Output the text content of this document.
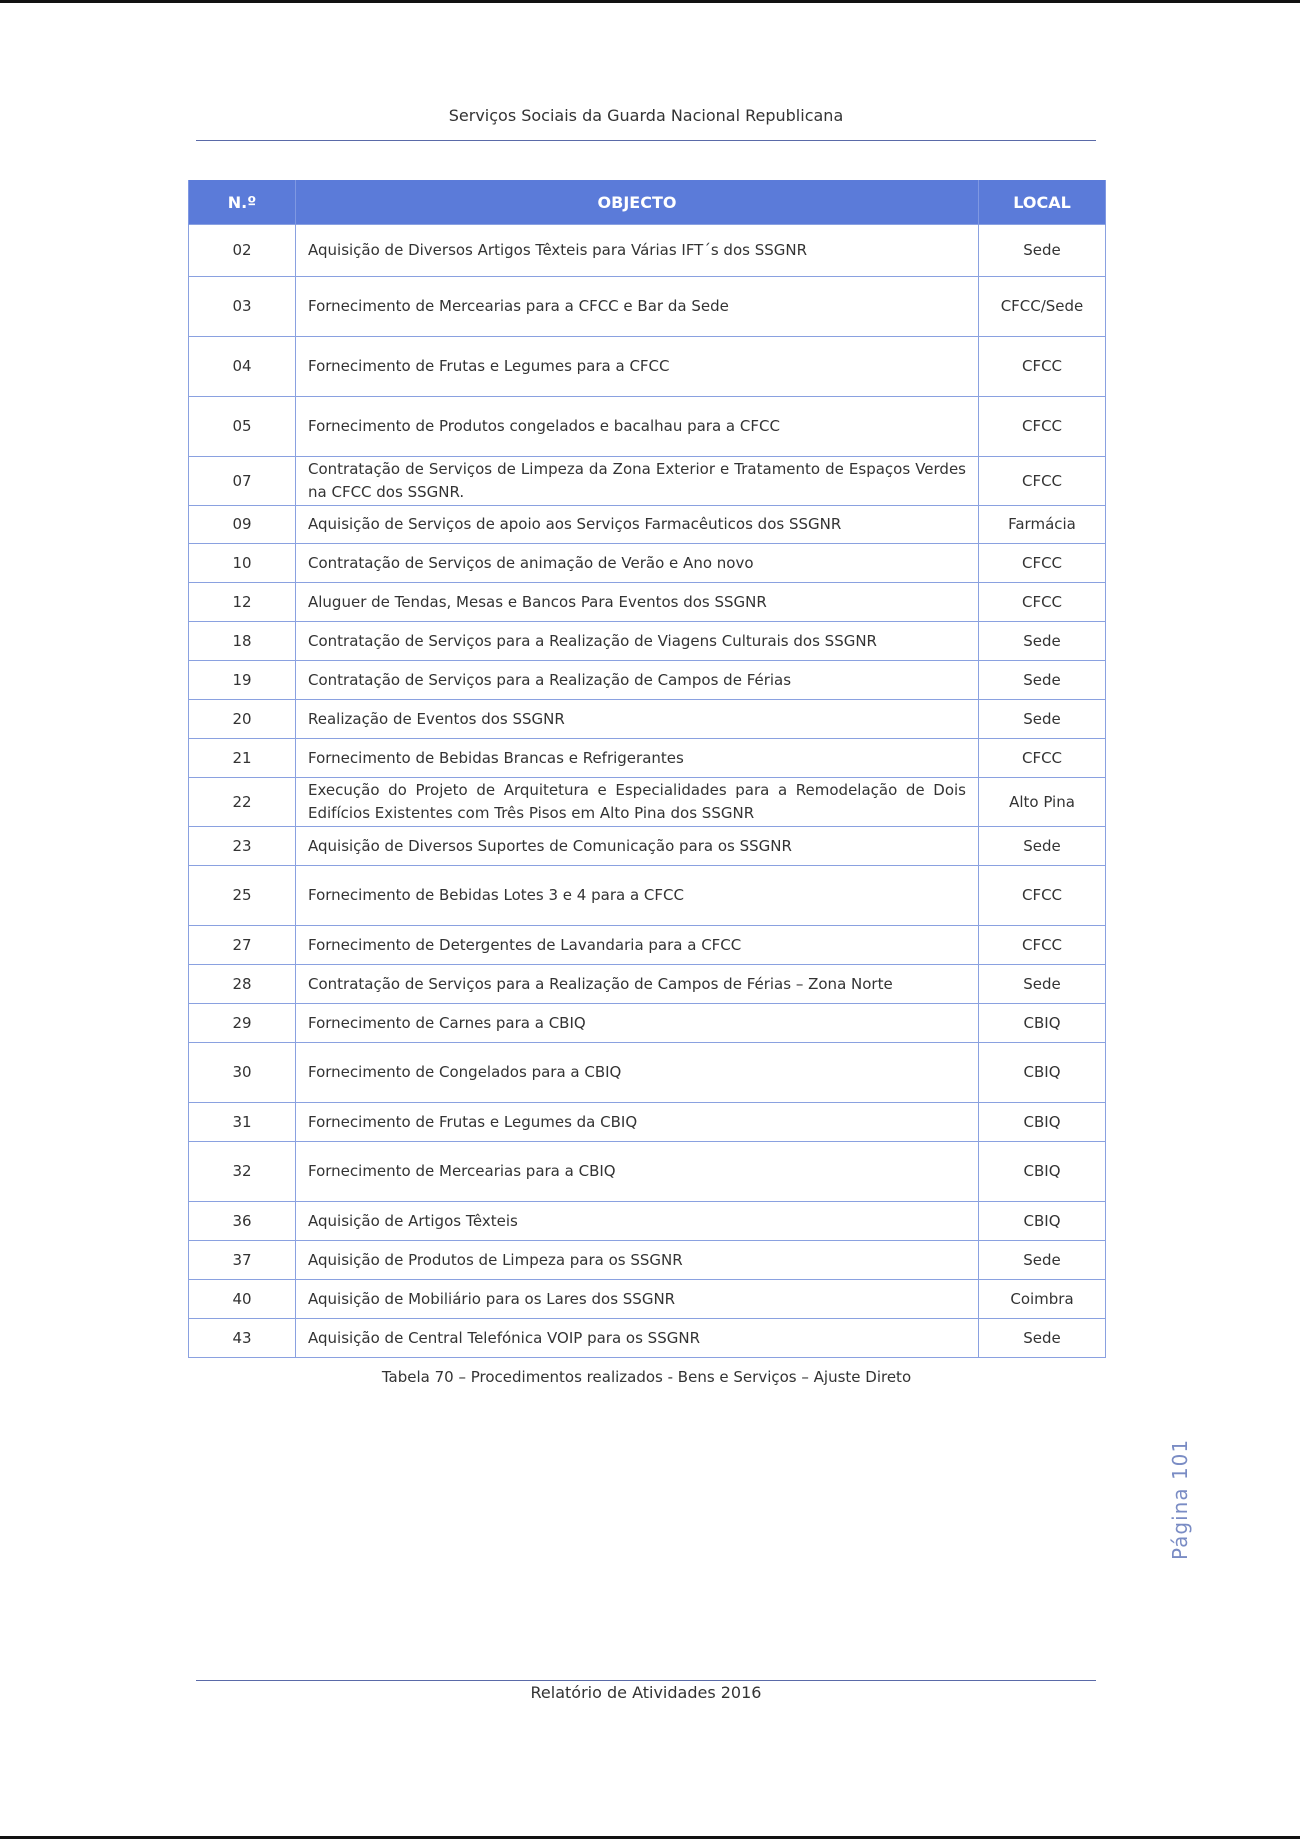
Serviços Sociais da Guarda Nacional Republicana
N.º	OBJECTO	LOCAL
02	Aquisição de Diversos Artigos Têxteis para Várias IFT´s dos SSGNR	Sede
03	Fornecimento de Mercearias para a CFCC e Bar da Sede	CFCC/Sede
04	Fornecimento de Frutas e Legumes para a CFCC	CFCC
05	Fornecimento de Produtos congelados e bacalhau para a CFCC	CFCC
07	Contratação de Serviços de Limpeza da Zona Exterior e Tratamento de Espaços Verdes na CFCC dos SSGNR.	CFCC
09	Aquisição de Serviços de apoio aos Serviços Farmacêuticos dos SSGNR	Farmácia
10	Contratação de Serviços de animação de Verão e Ano novo	CFCC
12	Aluguer de Tendas, Mesas e Bancos Para Eventos dos SSGNR	CFCC
18	Contratação de Serviços para a Realização de Viagens Culturais dos SSGNR	Sede
19	Contratação de Serviços para a Realização de Campos de Férias	Sede
20	Realização de Eventos dos SSGNR	Sede
21	Fornecimento de Bebidas Brancas e Refrigerantes	CFCC
22	Execução do Projeto de Arquitetura e Especialidades para a Remodelação de Dois Edifícios Existentes com Três Pisos em Alto Pina dos SSGNR	Alto Pina
23	Aquisição de Diversos Suportes de Comunicação para os SSGNR	Sede
25	Fornecimento de Bebidas Lotes 3 e 4 para a CFCC	CFCC
27	Fornecimento de Detergentes de Lavandaria para a CFCC	CFCC
28	Contratação de Serviços para a Realização de Campos de Férias – Zona Norte	Sede
29	Fornecimento de Carnes para a CBIQ	CBIQ
30	Fornecimento de Congelados para a CBIQ	CBIQ
31	Fornecimento de Frutas e Legumes da CBIQ	CBIQ
32	Fornecimento de Mercearias para a CBIQ	CBIQ
36	Aquisição de Artigos Têxteis	CBIQ
37	Aquisição de Produtos de Limpeza para os SSGNR	Sede
40	Aquisição de Mobiliário para os Lares dos SSGNR	Coimbra
43	Aquisição de Central Telefónica VOIP para os SSGNR	Sede
Tabela 70 – Procedimentos realizados - Bens e Serviços – Ajuste Direto
Página 101
Relatório de Atividades 2016
